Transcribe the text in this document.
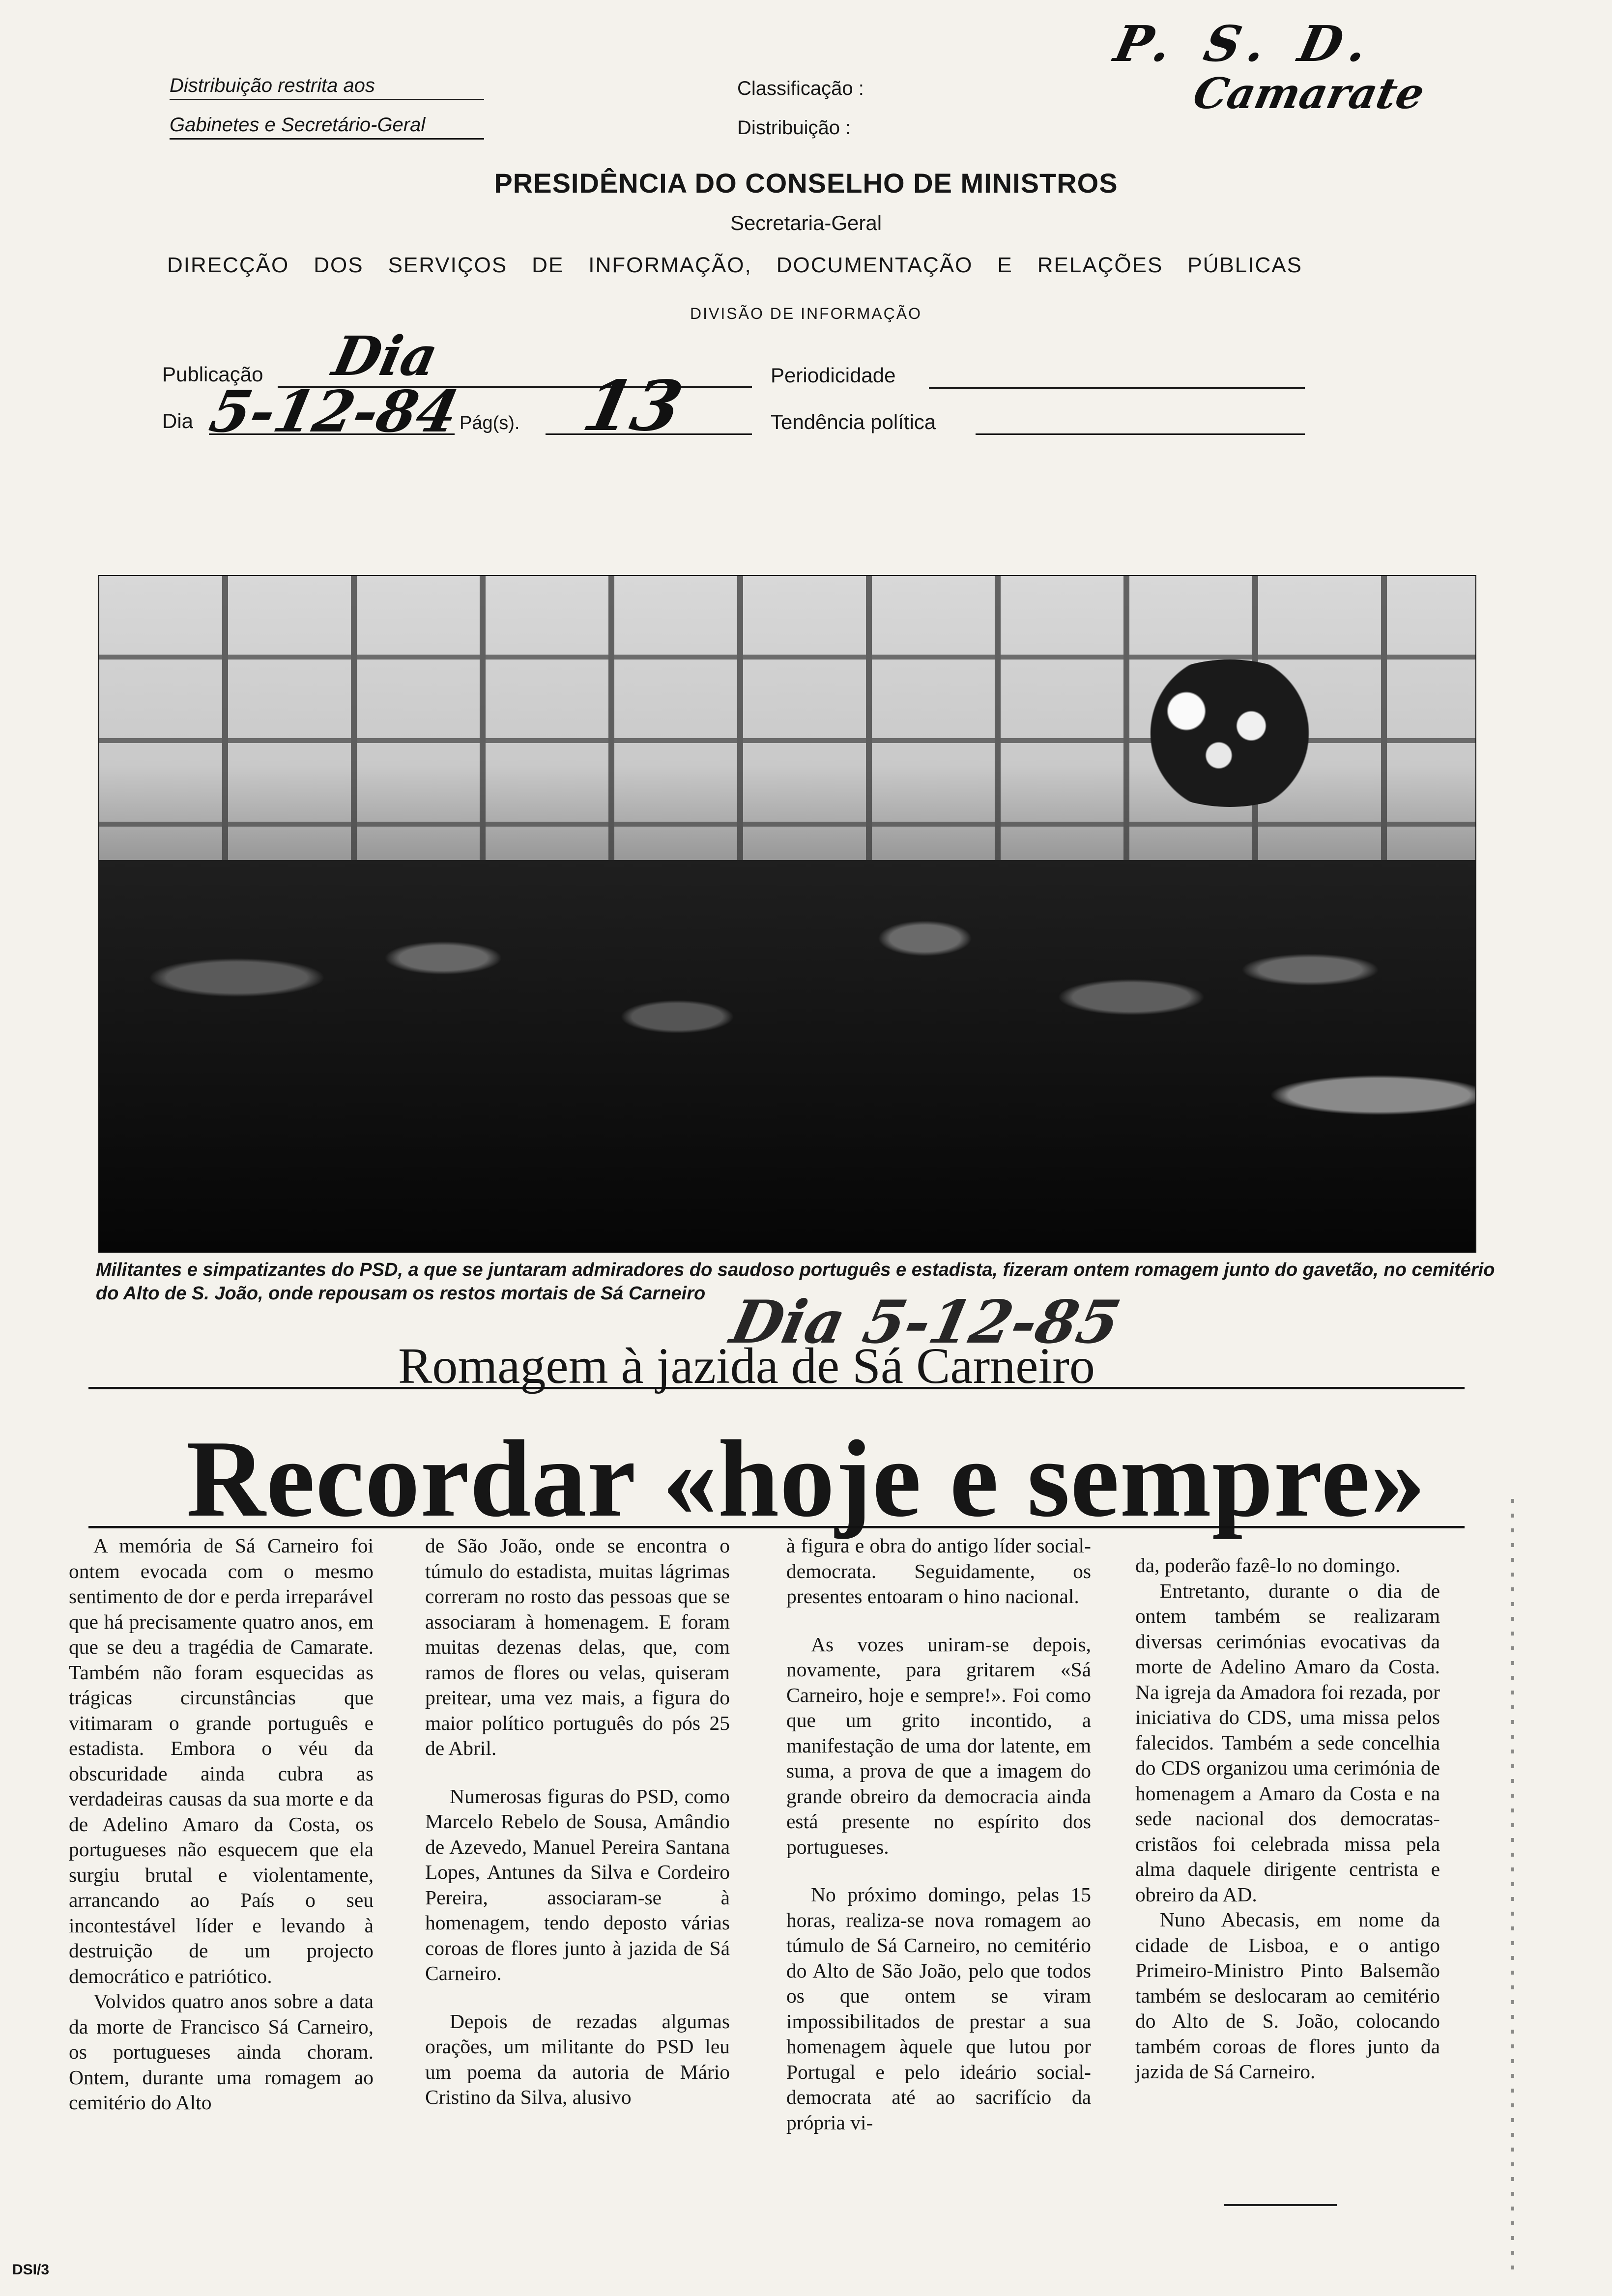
Distribuição restrita aos
Gabinetes e Secretário-Geral
Classificação :
Distribuição :
P. S. D.
Camarate
PRESIDÊNCIA DO CONSELHO DE MINISTROS
Secretaria-Geral
DIRECÇÃO DOS SERVIÇOS DE INFORMAÇÃO, DOCUMENTAÇÃO E RELAÇÕES PÚBLICAS
DIVISÃO DE INFORMAÇÃO
Publicação Dia
Dia 5-12-84
Pág(s). 13	Periodicidade
Tendência política
Militantes e simpatizantes do PSD, a que se juntaram admiradores do saudoso português e estadista, fizeram ontem romagem junto do gavetão, no cemitério do Alto de S. João, onde repousam os restos mortais de Sá Carneiro Dia 5-12-85
Romagem à jazida de Sá Carneiro
Recordar «hoje e sempre»

A memória de Sá Carneiro foi ontem evocada com o mesmo sentimento de dor e perda irreparável que há precisamente quatro anos, em que se deu a tragédia de Camarate. Também não foram esquecidas as trágicas circunstâncias que vitimaram o grande português e estadista. Embora o véu da obscuridade ainda cubra as verdadeiras causas da sua morte e da de Adelino Amaro da Costa, os portugueses não esquecem que ela surgiu brutal e violentamente, arrancando ao País o seu incontestável líder e levando à destruição de um projecto democrático e patriótico.

Volvidos quatro anos sobre a data da morte de Francisco Sá Carneiro, os portugueses ainda choram. Ontem, durante uma romagem ao cemitério do Alto

de São João, onde se encontra o túmulo do estadista, muitas lágrimas correram no rosto das pessoas que se associaram à homenagem. E foram muitas dezenas delas, que, com ramos de flores ou velas, quiseram preitear, uma vez mais, a figura do maior político português do pós 25 de Abril.

Numerosas figuras do PSD, como Marcelo Rebelo de Sousa, Amândio de Azevedo, Manuel Pereira Santana Lopes, Antunes da Silva e Cordeiro Pereira, associaram-se à homenagem, tendo deposto várias coroas de flores junto à jazida de Sá Carneiro.

Depois de rezadas algumas orações, um militante do PSD leu um poema da autoria de Mário Cristino da Silva, alusivo

à figura e obra do antigo líder social-democrata. Seguidamente, os presentes entoaram o hino nacional.

As vozes uniram-se depois, novamente, para gritarem «Sá Carneiro, hoje e sempre!». Foi como que um grito incontido, a manifestação de uma dor latente, em suma, a prova de que a imagem do grande obreiro da democracia ainda está presente no espírito dos portugueses.

No próximo domingo, pelas 15 horas, realiza-se nova romagem ao túmulo de Sá Carneiro, no cemitério do Alto de São João, pelo que todos os que ontem se viram impossibilitados de prestar a sua homenagem àquele que lutou por Portugal e pelo ideário social-democrata até ao sacrifício da própria vi-

da, poderão fazê-lo no domingo.

Entretanto, durante o dia de ontem também se realizaram diversas cerimónias evocativas da morte de Adelino Amaro da Costa. Na igreja da Amadora foi rezada, por iniciativa do CDS, uma missa pelos falecidos. Também a sede concelhia do CDS organizou uma cerimónia de homenagem a Amaro da Costa e na sede nacional dos democratas-cristãos foi celebrada missa pela alma daquele dirigente centrista e obreiro da AD.

Nuno Abecasis, em nome da cidade de Lisboa, e o antigo Primeiro-Ministro Pinto Balsemão também se deslocaram ao cemitério do Alto de S. João, colocando também coroas de flores junto da jazida de Sá Carneiro.

DSI/3
